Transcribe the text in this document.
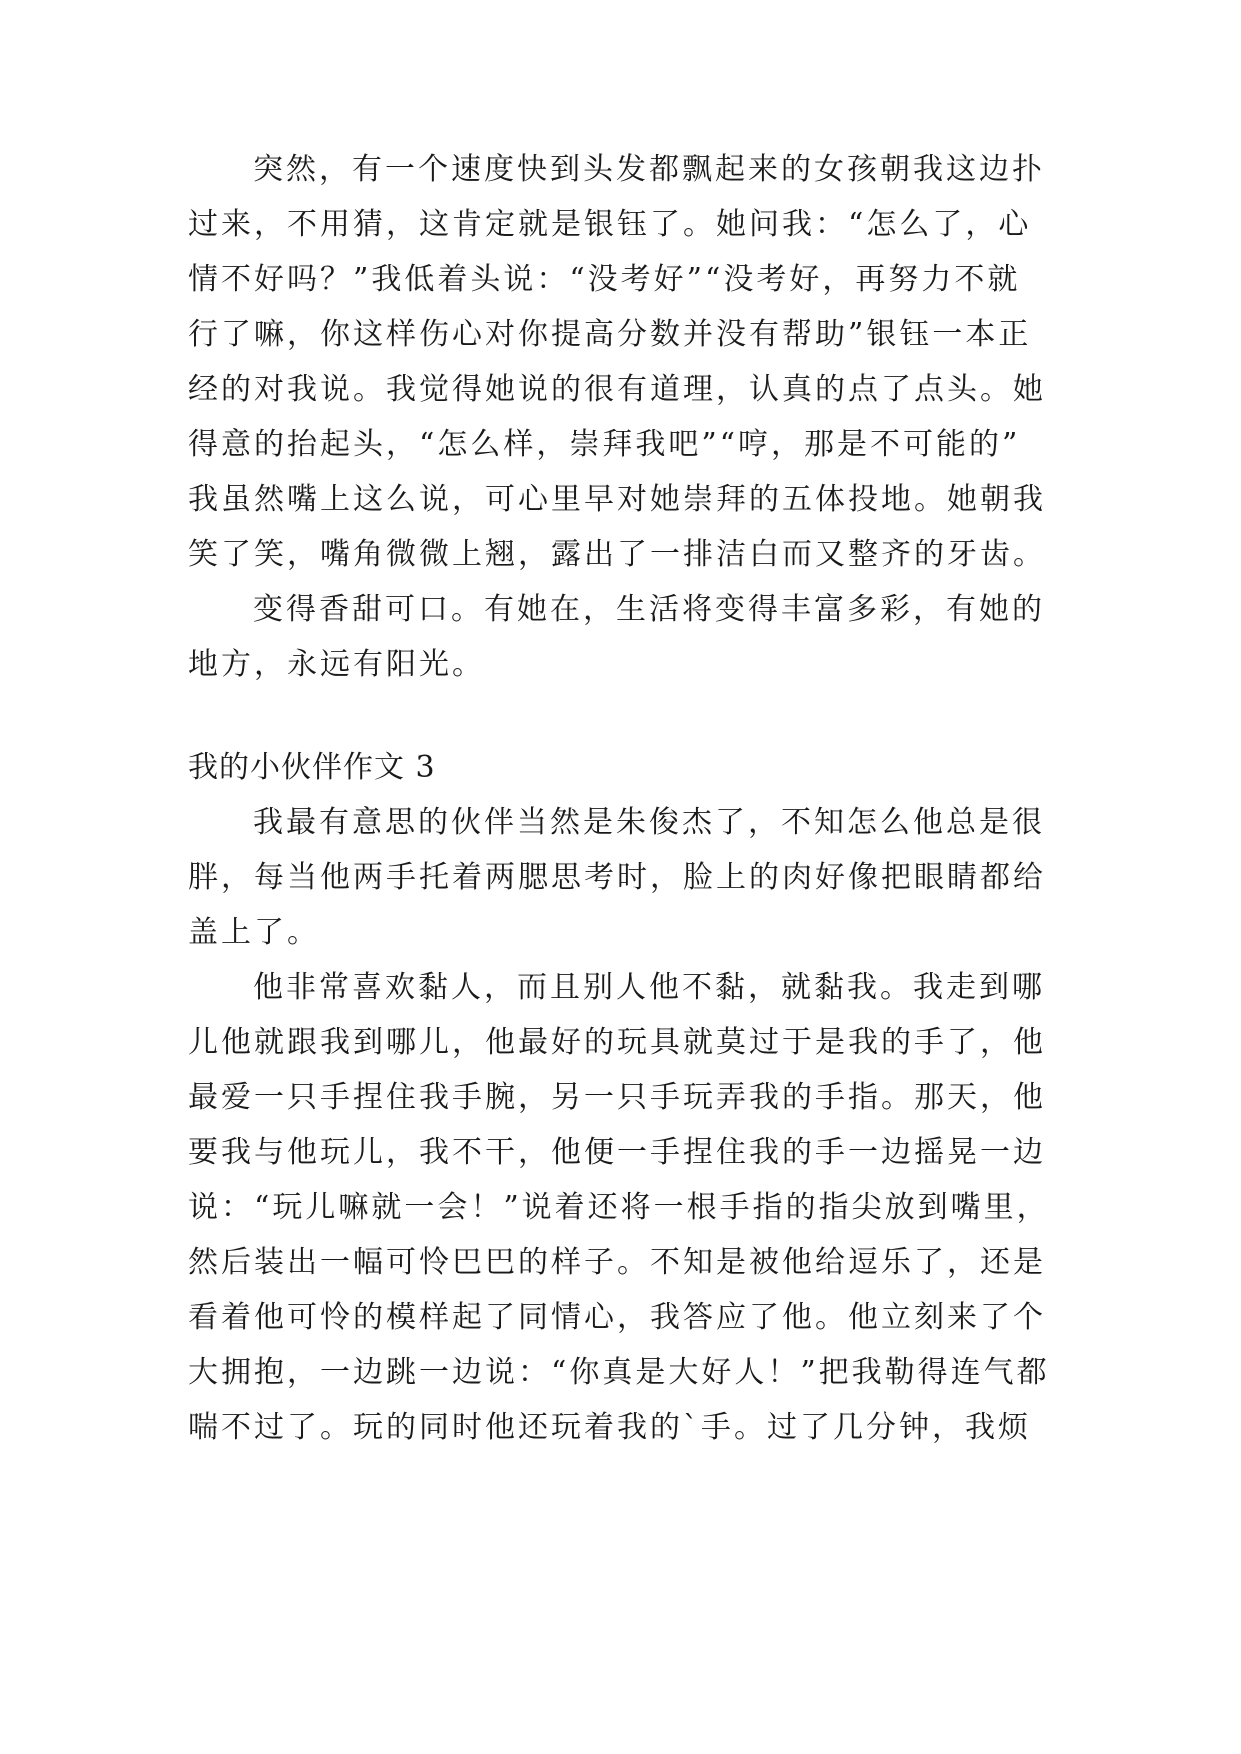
突然，有一个速度快到头发都飘起来的女孩朝我这边扑
过来，不用猜，这肯定就是银钰了。她问我：“怎么了，心
情不好吗？”我低着头说：“没考好”“没考好，再努力不就
行了嘛，你这样伤心对你提高分数并没有帮助”银钰一本正
经的对我说。我觉得她说的很有道理，认真的点了点头。她
得意的抬起头，“怎么样，崇拜我吧”“哼，那是不可能的”
我虽然嘴上这么说，可心里早对她崇拜的五体投地。她朝我
笑了笑，嘴角微微上翘，露出了一排洁白而又整齐的牙齿。
变得香甜可口。有她在，生活将变得丰富多彩，有她的
地方，永远有阳光。
我的小伙伴作文 3
我最有意思的伙伴当然是朱俊杰了，不知怎么他总是很
胖，每当他两手托着两腮思考时，脸上的肉好像把眼睛都给
盖上了。
他非常喜欢黏人，而且别人他不黏，就黏我。我走到哪
儿他就跟我到哪儿，他最好的玩具就莫过于是我的手了，他
最爱一只手捏住我手腕，另一只手玩弄我的手指。那天，他
要我与他玩儿，我不干，他便一手捏住我的手一边摇晃一边
说：“玩儿嘛就一会！”说着还将一根手指的指尖放到嘴里，
然后装出一幅可怜巴巴的样子。不知是被他给逗乐了，还是
看着他可怜的模样起了同情心，我答应了他。他立刻来了个
大拥抱，一边跳一边说：“你真是大好人！”把我勒得连气都
喘不过了。玩的同时他还玩着我的`手。过了几分钟，我烦
